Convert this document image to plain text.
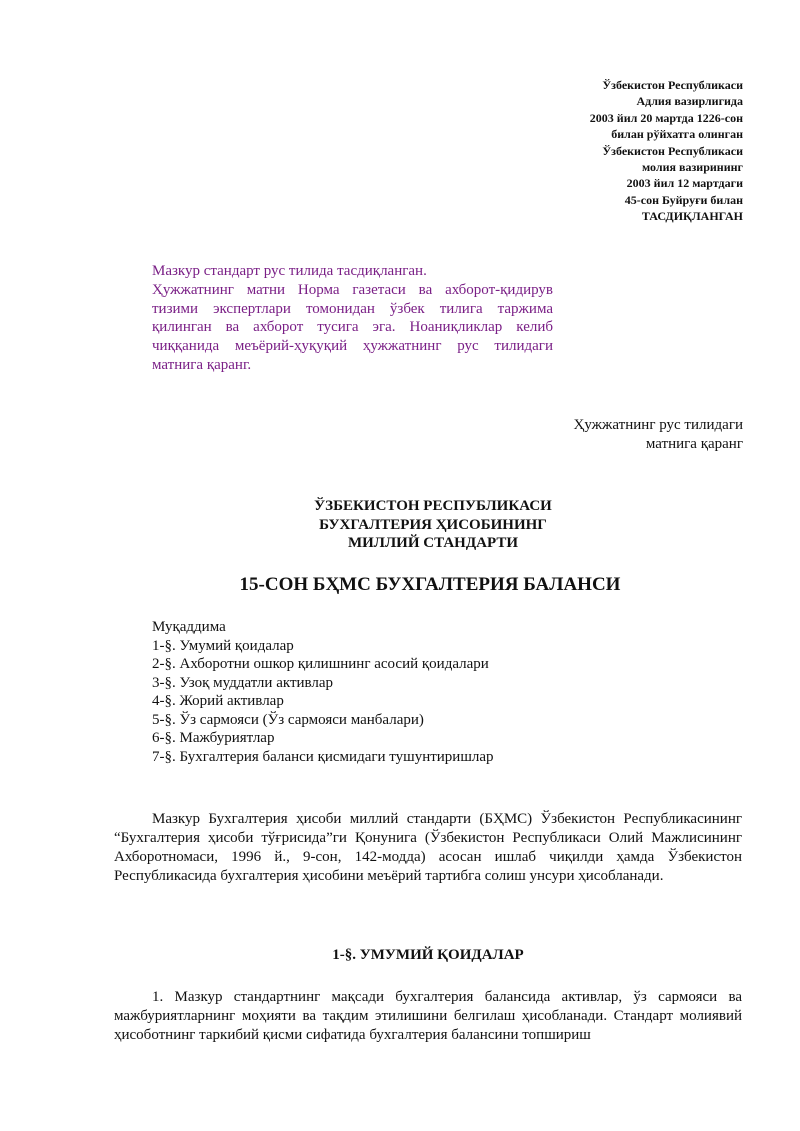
Ўзбекистон Республикаси
Адлия вазирлигида
2003 йил 20 мартда 1226-сон
билан рўйхатга олинган
Ўзбекистон Республикаси
молия вазирининг
2003 йил 12 мартдаги
45-сон Буйруғи билан
ТАСДИҚЛАНГАН
Мазкур стандарт рус тилида тасдиқланган.
Ҳужжатнинг матни Норма газетаси ва ахборот-қидирув
тизими экспертлари томонидан ўзбек тилига таржима
қилинган ва ахборот тусига эга. Ноаниқликлар келиб
чиққанида меъёрий-ҳуқуқий ҳужжатнинг рус тилидаги
матнига қаранг.
Ҳужжатнинг рус тилидаги
матнига қаранг
ЎЗБЕКИСТОН РЕСПУБЛИКАСИ
БУХГАЛТЕРИЯ ҲИСОБИНИНГ
МИЛЛИЙ СТАНДАРТИ
15-СОН БҲМС БУХГАЛТЕРИЯ БАЛАНСИ
Муқаддима
1-§. Умумий қоидалар
2-§. Ахборотни ошкор қилишнинг асосий қоидалари
3-§. Узоқ муддатли активлар
4-§. Жорий активлар
5-§. Ўз сармояси (Ўз сармояси манбалари)
6-§. Мажбуриятлар
7-§. Бухгалтерия баланси қисмидаги тушунтиришлар

Мазкур Бухгалтерия ҳисоби миллий стандарти (БҲМС) Ўзбекистон Республикасининг “Бухгалтерия ҳисоби тўғрисида”ги Қонунига (Ўзбекистон Республикаси Олий Мажлисининг Ахборотномаси, 1996 й., 9-сон, 142-модда) асосан ишлаб чиқилди ҳамда Ўзбекистон Республикасида бухгалтерия ҳисобини меъёрий тартибга солиш унсури ҳисобланади.

1-§. УМУМИЙ ҚОИДАЛАР

1. Мазкур стандартнинг мақсади бухгалтерия балансида активлар, ўз сармояси ва мажбуриятларнинг моҳияти ва тақдим этилишини белгилаш ҳисобланади. Стандарт молиявий ҳисоботнинг таркибий қисми сифатида бухгалтерия балансини топшириш
